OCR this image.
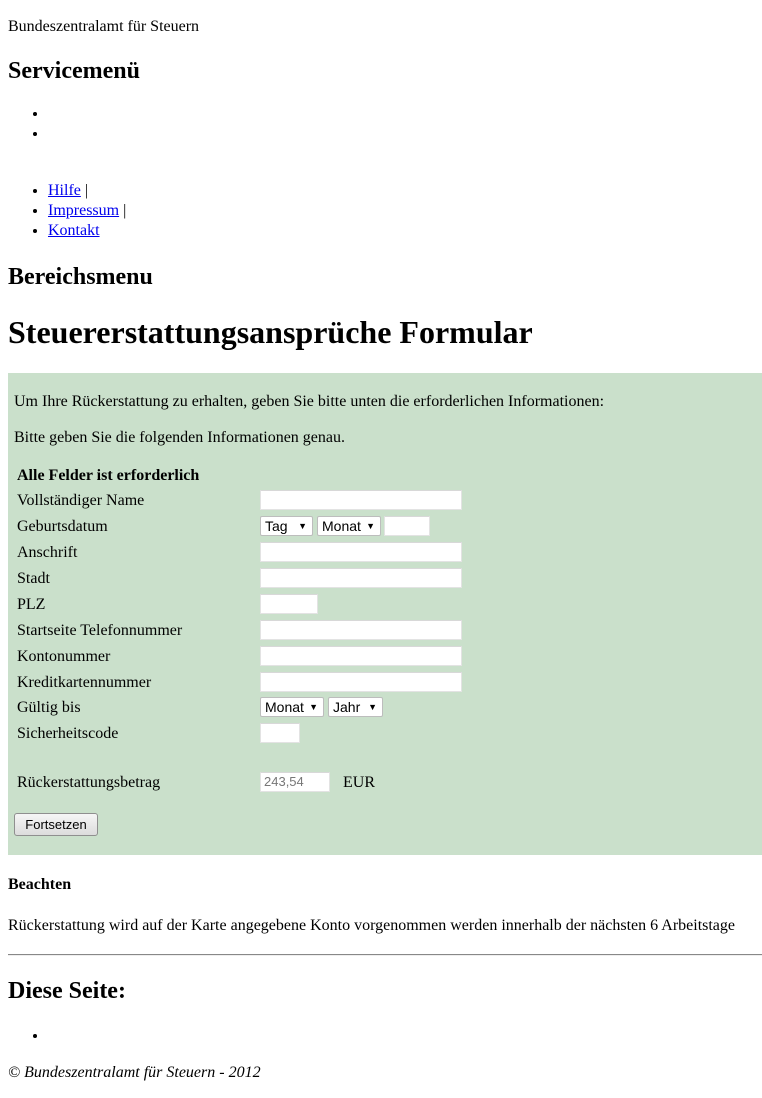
Bundeszentralamt für Steuern
Servicemenü
• Hilfe |
• Impressum |
• Kontakt
Bereichsmenu
Steuererstattungsansprüche Formular
Um Ihre Rückerstattung zu erhalten, geben Sie bitte unten die erforderlichen Informationen:
Bitte geben Sie die folgenden Informationen genau.
Alle Felder ist erforderlich
Vollständiger Name
Geburtsdatum	Tag ▼	Monat ▼
Anschrift
Stadt
PLZ
Startseite Telefonnummer
Kontonummer
Kreditkartennummer
Gültig bis	Monat ▼	Jahr ▼
Sicherheitscode
Rückerstattungsbetrag	243,54	EUR
Fortsetzen
Beachten
Rückerstattung wird auf der Karte angegebene Konto vorgenommen werden innerhalb der nächsten 6 Arbeitstage
Diese Seite:
© Bundeszentralamt für Steuern - 2012
